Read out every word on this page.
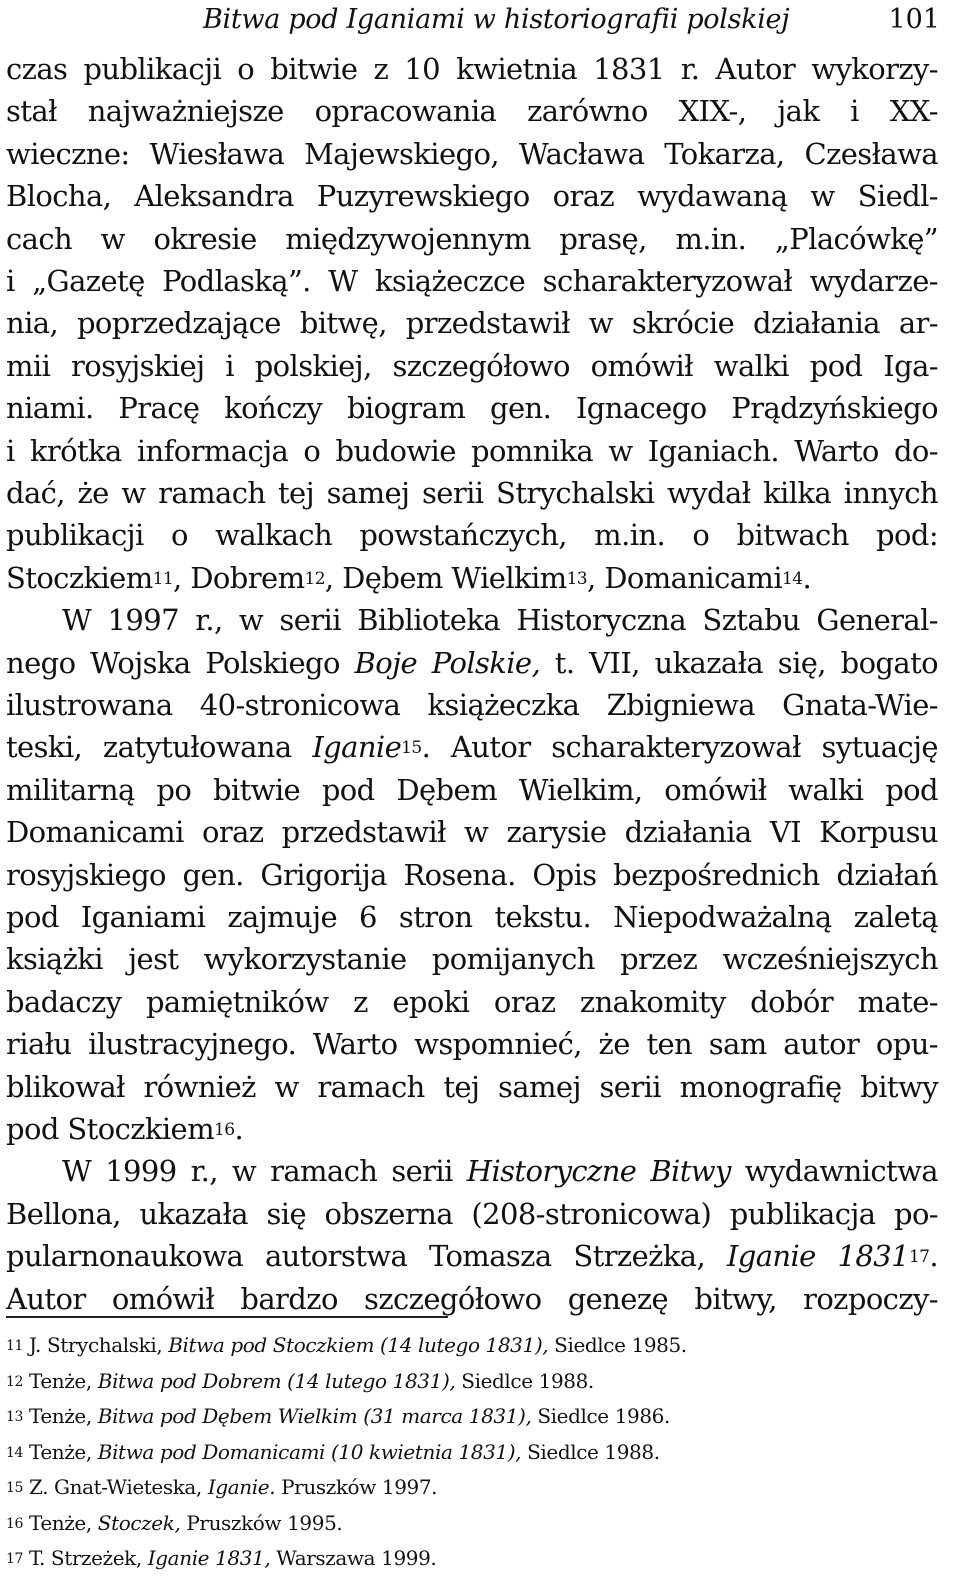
Bitwa pod Iganiami w historiografii polskiej	101
czas publikacji o bitwie z 10 kwietnia 1831 r. Autor wykorzy-
stał najważniejsze opracowania zarówno XIX-, jak i XX-
wieczne: Wiesława Majewskiego, Wacława Tokarza, Czesława
Blocha, Aleksandra Puzyrewskiego oraz wydawaną w Siedl-
cach w okresie międzywojennym prasę, m.in. „Placówkę”
i „Gazetę Podlaską”. W książeczce scharakteryzował wydarze-
nia, poprzedzające bitwę, przedstawił w skrócie działania ar-
mii rosyjskiej i polskiej, szczegółowo omówił walki pod Iga-
niami. Pracę kończy biogram gen. Ignacego Prądzyńskiego
i krótka informacja o budowie pomnika w Iganiach. Warto do-
dać, że w ramach tej samej serii Strychalski wydał kilka innych
publikacji o walkach powstańczych, m.in. o bitwach pod:
Stoczkiem$^{11}$, Dobrem$^{12}$, Dębem Wielkim$^{13}$, Domanicami$^{14}$.
W 1997 r., w serii Biblioteka Historyczna Sztabu General-
nego Wojska Polskiego Boje Polskie, t. VII, ukazała się, bogato
ilustrowana 40-stronicowa książeczka Zbigniewa Gnata-Wie-
teski, zatytułowana Iganie$^{15}$. Autor scharakteryzował sytuację
militarną po bitwie pod Dębem Wielkim, omówił walki pod
Domanicami oraz przedstawił w zarysie działania VI Korpusu
rosyjskiego gen. Grigorija Rosena. Opis bezpośrednich działań
pod Iganiami zajmuje 6 stron tekstu. Niepodważalną zaletą
książki jest wykorzystanie pomijanych przez wcześniejszych
badaczy pamiętników z epoki oraz znakomity dobór mate-
riału ilustracyjnego. Warto wspomnieć, że ten sam autor opu-
blikował również w ramach tej samej serii monografię bitwy
pod Stoczkiem$^{16}$.
W 1999 r., w ramach serii Historyczne Bitwy wydawnictwa
Bellona, ukazała się obszerna (208-stronicowa) publikacja po-
pularnonaukowa autorstwa Tomasza Strzeżka, Iganie 1831$^{17}$.
Autor omówił bardzo szczegółowo genezę bitwy, rozpoczy-
$^{11}$ J. Strychalski, Bitwa pod Stoczkiem (14 lutego 1831), Siedlce 1985.
$^{12}$ Tenże, Bitwa pod Dobrem (14 lutego 1831), Siedlce 1988.
$^{13}$ Tenże, Bitwa pod Dębem Wielkim (31 marca 1831), Siedlce 1986.
$^{14}$ Tenże, Bitwa pod Domanicami (10 kwietnia 1831), Siedlce 1988.
$^{15}$ Z. Gnat-Wieteska, Iganie. Pruszków 1997.
$^{16}$ Tenże, Stoczek, Pruszków 1995.
$^{17}$ T. Strzeżek, Iganie 1831, Warszawa 1999.
